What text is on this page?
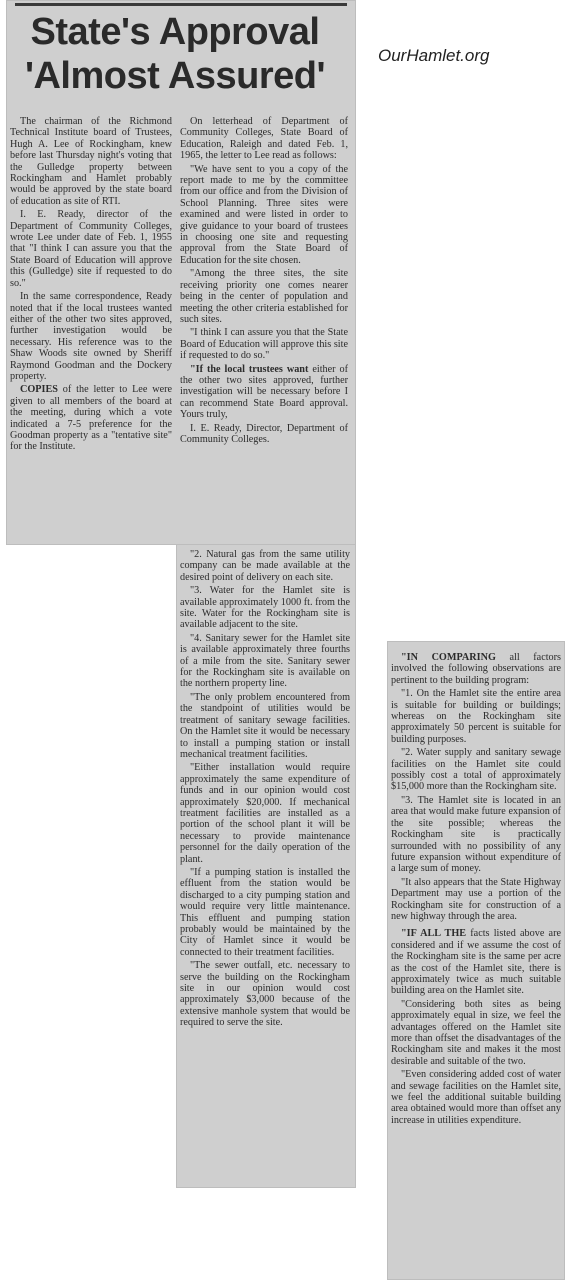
State's Approval
'Almost Assured'	OurHamlet.org

The chairman of the Richmond Technical Institute board of Trustees, Hugh A. Lee of Rockingham, knew before last Thursday night's voting that the Gulledge property between Rockingham and Hamlet probably would be approved by the state board of education as site of RTI.

I. E. Ready, director of the Department of Community Colleges, wrote Lee under date of Feb. 1, 1955 that "I think I can assure you that the State Board of Education will approve this (Gulledge) site if requested to do so."

In the same correspondence, Ready noted that if the local trustees wanted either of the other two sites approved, further investigation would be necessary. His reference was to the Shaw Woods site owned by Sheriff Raymond Goodman and the Dockery property.

COPIES of the letter to Lee were given to all members of the board at the meeting, during which a vote indicated a 7-5 preference for the Goodman property as a "tentative site" for the Institute.

On letterhead of Department of Community Colleges, State Board of Education, Raleigh and dated Feb. 1, 1965, the letter to Lee read as follows:

"We have sent to you a copy of the report made to me by the committee from our office and from the Division of School Planning. Three sites were examined and were listed in order to give guidance to your board of trustees in choosing one site and requesting approval from the State Board of Education for the site chosen.

"Among the three sites, the site receiving priority one comes nearer being in the center of population and meeting the other criteria established for such sites.

"I think I can assure you that the State Board of Education will approve this site if requested to do so."

"If the local trustees want either of the other two sites approved, further investigation will be necessary before I can recommend State Board approval. Yours truly,

I. E. Ready, Director, Department of Community Colleges.

"2. Natural gas from the same utility company can be made available at the desired point of delivery on each site.

"3. Water for the Hamlet site is available approximately 1000 ft. from the site. Water for the Rockingham site is available adjacent to the site.

"4. Sanitary sewer for the Hamlet site is available approximately three fourths of a mile from the site. Sanitary sewer for the Rockingham site is available on the northern property line.

"The only problem encountered from the standpoint of utilities would be treatment of sanitary sewage facilities. On the Hamlet site it would be necessary to install a pumping station or install mechanical treatment facilities.

"Either installation would require approximately the same expenditure of funds and in our opinion would cost approximately $20,000. If mechanical treatment facilities are installed as a portion of the school plant it will be necessary to provide maintenance personnel for the daily operation of the plant.

"If a pumping station is installed the effluent from the station would be discharged to a city pumping station and would require very little maintenance. This effluent and pumping station probably would be maintained by the City of Hamlet since it would be connected to their treatment facilities.

"The sewer outfall, etc. necessary to serve the building on the Rockingham site in our opinion would cost approximately $3,000 because of the extensive manhole system that would be required to serve the site.

"IN COMPARING all factors involved the following observations are pertinent to the building program:

"1. On the Hamlet site the entire area is suitable for building or buildings; whereas on the Rockingham site approximately 50 percent is suitable for building purposes.

"2. Water supply and sanitary sewage facilities on the Hamlet site could possibly cost a total of approximately $15,000 more than the Rockingham site.

"3. The Hamlet site is located in an area that would make future expansion of the site possible; whereas the Rockingham site is practically surrounded with no possibility of any future expansion without expenditure of a large sum of money.

"It also appears that the State Highway Department may use a portion of the Rockingham site for construction of a new highway through the area.

"IF ALL THE facts listed above are considered and if we assume the cost of the Rockingham site is the same per acre as the cost of the Hamlet site, there is approximately twice as much suitable building area on the Hamlet site.

"Considering both sites as being approximately equal in size, we feel the advantages offered on the Hamlet site more than offset the disadvantages of the Rockingham site and makes it the most desirable and suitable of the two.

"Even considering added cost of water and sewage facilities on the Hamlet site, we feel the additional suitable building area obtained would more than offset any increase in utilities expenditure.
